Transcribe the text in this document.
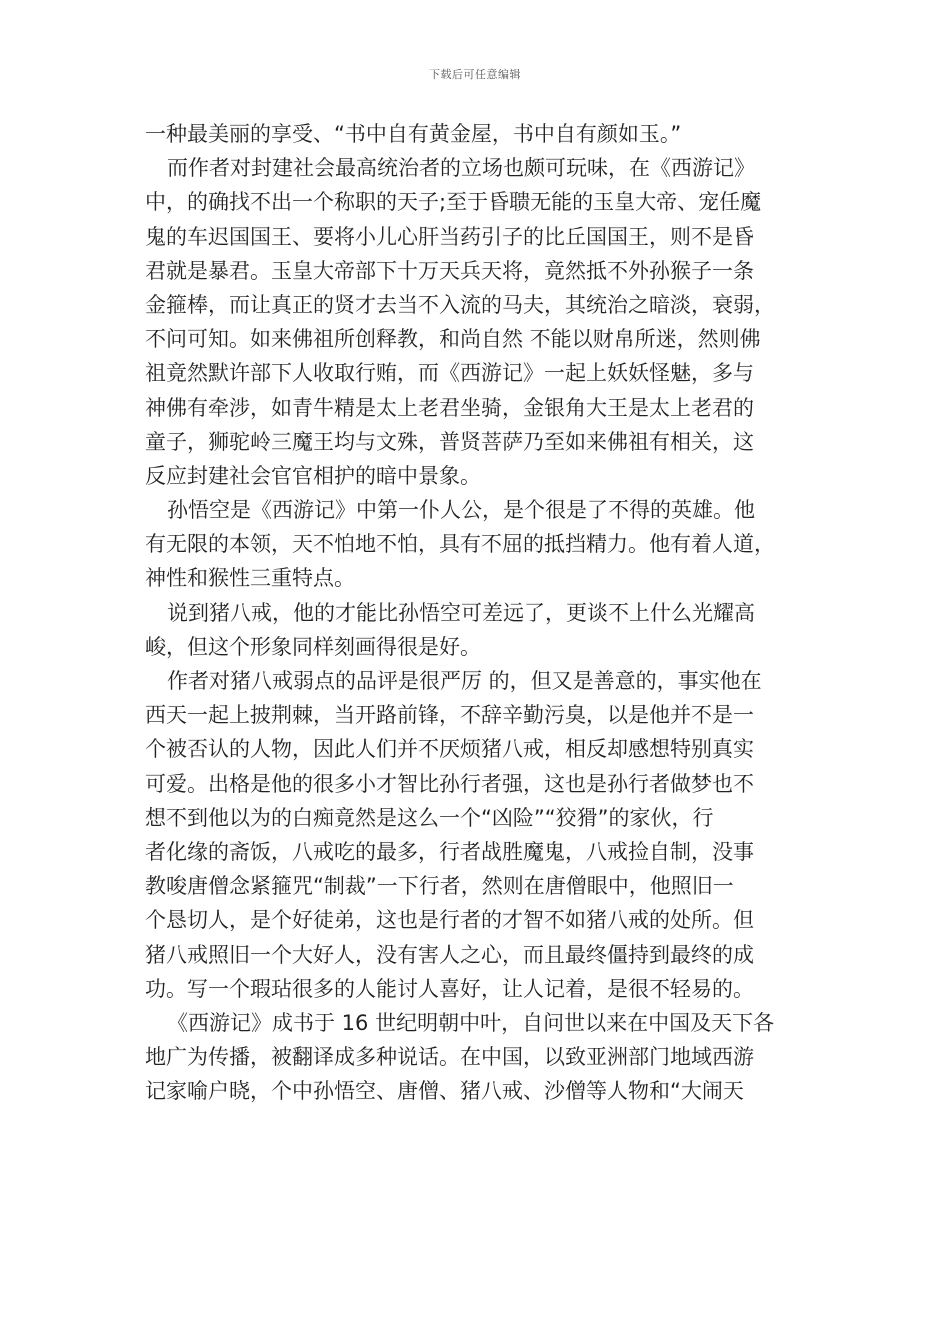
下载后可任意编辑
一种最美丽的享受、“书中自有黄金屋，书中自有颜如玉。”
而作者对封建社会最高统治者的立场也颇可玩味，在《西游记》
中，的确找不出一个称职的天子;至于昏聩无能的玉皇大帝、宠任魔
鬼的车迟国国王、要将小儿心肝当药引子的比丘国国王，则不是昏
君就是暴君。玉皇大帝部下十万天兵天将，竟然抵不外孙猴子一条
金箍棒，而让真正的贤才去当不入流的马夫，其统治之暗淡，衰弱，
不问可知。如来佛祖所创释教，和尚自然 不能以财帛所迷，然则佛
祖竟然默许部下人收取行贿，而《西游记》一起上妖妖怪魅，多与
神佛有牵涉，如青牛精是太上老君坐骑，金银角大王是太上老君的
童子，狮驼岭三魔王均与文殊，普贤菩萨乃至如来佛祖有相关，这
反应封建社会官官相护的暗中景象。
孙悟空是《西游记》中第一仆人公，是个很是了不得的英雄。他
有无限的本领，天不怕地不怕，具有不屈的抵挡精力。他有着人道，
神性和猴性三重特点。
说到猪八戒，他的才能比孙悟空可差远了，更谈不上什么光耀高
峻，但这个形象同样刻画得很是好。
作者对猪八戒弱点的品评是很严厉 的，但又是善意的，事实他在
西天一起上披荆棘，当开路前锋，不辞辛勤污臭，以是他并不是一
个被否认的人物，因此人们并不厌烦猪八戒，相反却感想特别真实
可爱。出格是他的很多小才智比孙行者强，这也是孙行者做梦也不
想不到他以为的白痴竟然是这么一个“凶险”“狡猾”的家伙，行
者化缘的斋饭，八戒吃的最多，行者战胜魔鬼，八戒捡自制，没事
教唆唐僧念紧箍咒“制裁”一下行者，然则在唐僧眼中，他照旧一
个恳切人，是个好徒弟，这也是行者的才智不如猪八戒的处所。但
猪八戒照旧一个大好人，没有害人之心，而且最终僵持到最终的成
功。写一个瑕玷很多的人能讨人喜好，让人记着，是很不轻易的。
《西游记》成书于 16 世纪明朝中叶，自问世以来在中国及天下各
地广为传播，被翻译成多种说话。在中国，以致亚洲部门地域西游
记家喻户晓，个中孙悟空、唐僧、猪八戒、沙僧等人物和“大闹天
